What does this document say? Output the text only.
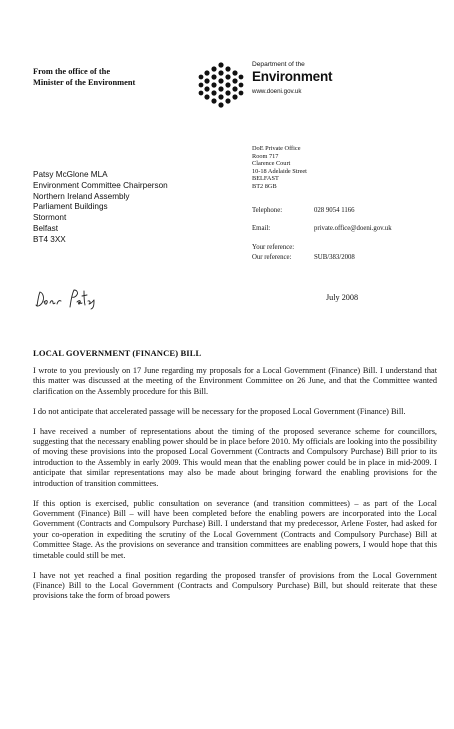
From the office of the
Minister of the Environment
Department of the
Environment
www.doeni.gov.uk
DoE Private Office
Room 717
Clarence Court
10-18 Adelaide Street
BELFAST
BT2 8GB
Patsy McGlone MLA
Environment Committee Chairperson
Northern Ireland Assembly
Parliament Buildings
Stormont
Belfast
BT4 3XX
Telephone:	028 9054 1166
Email:	private.office@doeni.gov.uk
Your reference:
Our reference:	SUB/383/2008
July 2008
LOCAL GOVERNMENT (FINANCE) BILL

I wrote to you previously on 17 June regarding my proposals for a Local Government (Finance) Bill. I understand that this matter was discussed at the meeting of the Environment Committee on 26 June, and that the Committee wanted clarification on the Assembly procedure for this Bill.

I do not anticipate that accelerated passage will be necessary for the proposed Local Government (Finance) Bill.

I have received a number of representations about the timing of the proposed severance scheme for councillors, suggesting that the necessary enabling power should be in place before 2010. My officials are looking into the possibility of moving these provisions into the proposed Local Government (Contracts and Compulsory Purchase) Bill prior to its introduction to the Assembly in early 2009. This would mean that the enabling power could be in place in mid-2009. I anticipate that similar representations may also be made about bringing forward the enabling provisions for the introduction of transition committees.

If this option is exercised, public consultation on severance (and transition committees) – as part of the Local Government (Finance) Bill – will have been completed before the enabling powers are incorporated into the Local Government (Contracts and Compulsory Purchase) Bill. I understand that my predecessor, Arlene Foster, had asked for your co-operation in expediting the scrutiny of the Local Government (Contracts and Compulsory Purchase) Bill at Committee Stage. As the provisions on severance and transition committees are enabling powers, I would hope that this timetable could still be met.

I have not yet reached a final position regarding the proposed transfer of provisions from the Local Government (Finance) Bill to the Local Government (Contracts and Compulsory Purchase) Bill, but should reiterate that these provisions take the form of broad powers
